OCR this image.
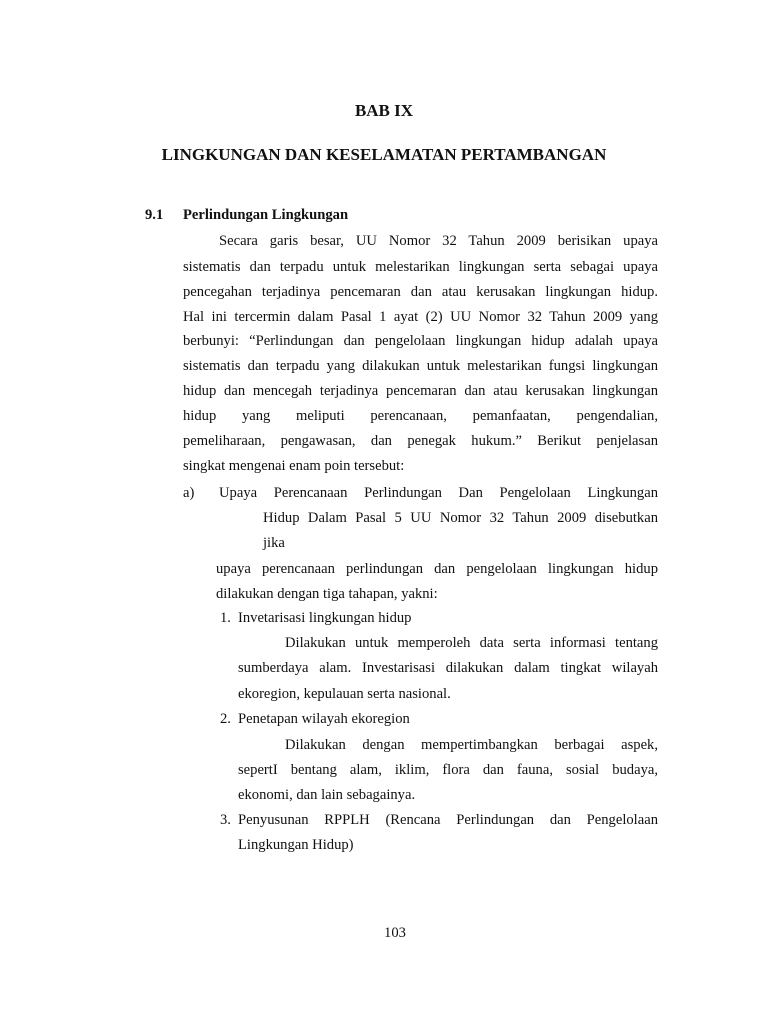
BAB IX
LINGKUNGAN DAN KESELAMATAN PERTAMBANGAN
9.1 Perlindungan Lingkungan
Secara garis besar, UU Nomor 32 Tahun 2009 berisikan upaya
sistematis dan terpadu untuk melestarikan lingkungan serta sebagai upaya
pencegahan terjadinya pencemaran dan atau kerusakan lingkungan hidup.
Hal ini tercermin dalam Pasal 1 ayat (2) UU Nomor 32 Tahun 2009 yang
berbunyi: “Perlindungan dan pengelolaan lingkungan hidup adalah upaya
sistematis dan terpadu yang dilakukan untuk melestarikan fungsi lingkungan
hidup dan mencegah terjadinya pencemaran dan atau kerusakan lingkungan
hidup yang meliputi perencanaan, pemanfaatan, pengendalian,
pemeliharaan, pengawasan, dan penegak hukum.” Berikut penjelasan
singkat mengenai enam poin tersebut:
a) Upaya Perencanaan Perlindungan Dan Pengelolaan Lingkungan
Hidup Dalam Pasal 5 UU Nomor 32 Tahun 2009 disebutkan
jika
upaya perencanaan perlindungan dan pengelolaan lingkungan hidup
dilakukan dengan tiga tahapan, yakni:
1. Invetarisasi lingkungan hidup
Dilakukan untuk memperoleh data serta informasi tentang
sumberdaya alam. Investarisasi dilakukan dalam tingkat wilayah
ekoregion, kepulauan serta nasional.
2. Penetapan wilayah ekoregion
Dilakukan dengan mempertimbangkan berbagai aspek,
sepertI bentang alam, iklim, flora dan fauna, sosial budaya,
ekonomi, dan lain sebagainya.
3. Penyusunan RPPLH (Rencana Perlindungan dan Pengelolaan
Lingkungan Hidup)
103
